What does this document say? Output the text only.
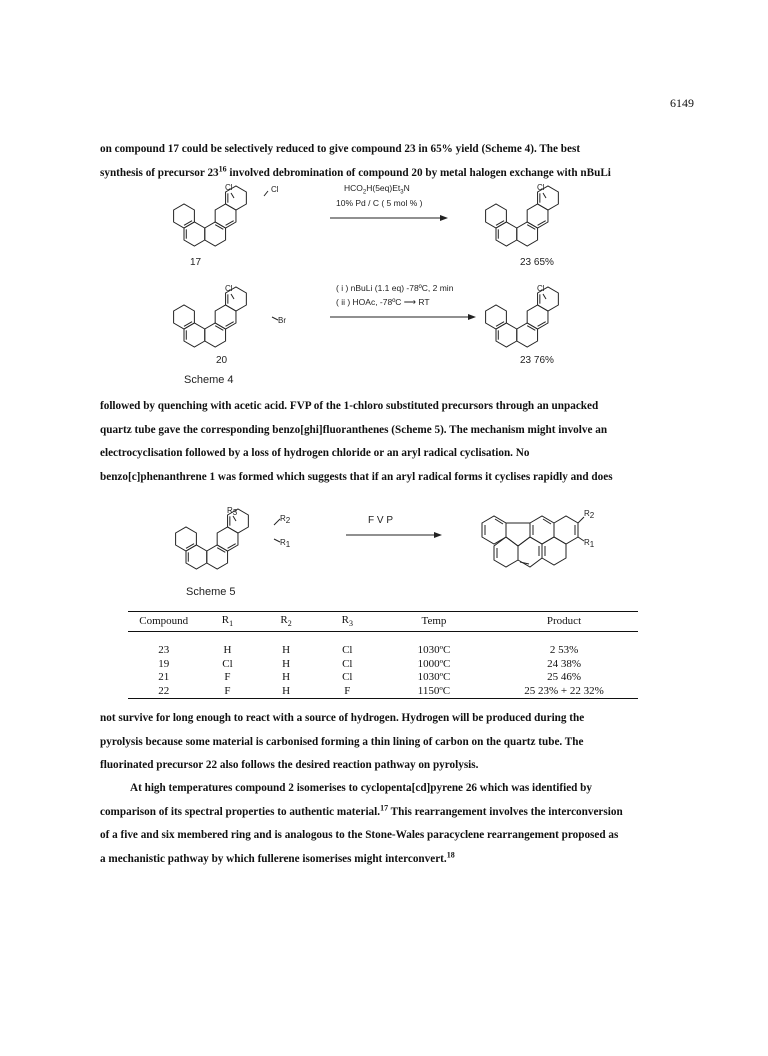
6149

on compound 17 could be selectively reduced to give compound 23 in 65% yield (Scheme 4). The best
synthesis of precursor $23^{16}$ involved debromination of compound 20 by metal halogen exchange with nBuLi

Cl	Cl	$HCO_2H(5eq)Et_3N$
10% Pd / C ( 5 mol % )
Cl
17	23 65%
Cl
Br
( i ) nBuLi (1.1 eq) -78ºC, 2 min
( ii ) HOAc, -78ºC ⟶ RT
Cl
20	23 76%
Scheme 4

followed by quenching with acetic acid. FVP of the 1-chloro substituted precursors through an unpacked
quartz tube gave the corresponding benzo[ghi]fluoranthenes (Scheme 5). The mechanism might involve an
electrocyclisation followed by a loss of hydrogen chloride or an aryl radical cyclisation. No
benzo[c]phenanthrene 1 was formed which suggests that if an aryl radical forms it cyclises rapidly and does

R3
R2
R1
F V P
R2
R1
Scheme 5
Compound	$R_1$	$R_2$	$R_3$	Temp	Product
23	H	H	Cl	1030ºC	2 53%
19	Cl	H	Cl	1000ºC	24 38%
21	F	H	Cl	1030ºC	25 46%
22	F	H	F	1150ºC	25 23% + 22 32%

not survive for long enough to react with a source of hydrogen. Hydrogen will be produced during the
pyrolysis because some material is carbonised forming a thin lining of carbon on the quartz tube. The
fluorinated precursor 22 also follows the desired reaction pathway on pyrolysis.

At high temperatures compound 2 isomerises to cyclopenta[cd]pyrene 26 which was identified by
comparison of its spectral properties to authentic material.$^{17}$ This rearrangement involves the interconversion
of a five and six membered ring and is analogous to the Stone-Wales paracyclene rearrangement proposed as
a mechanistic pathway by which fullerene isomerises might interconvert.$^{18}$
